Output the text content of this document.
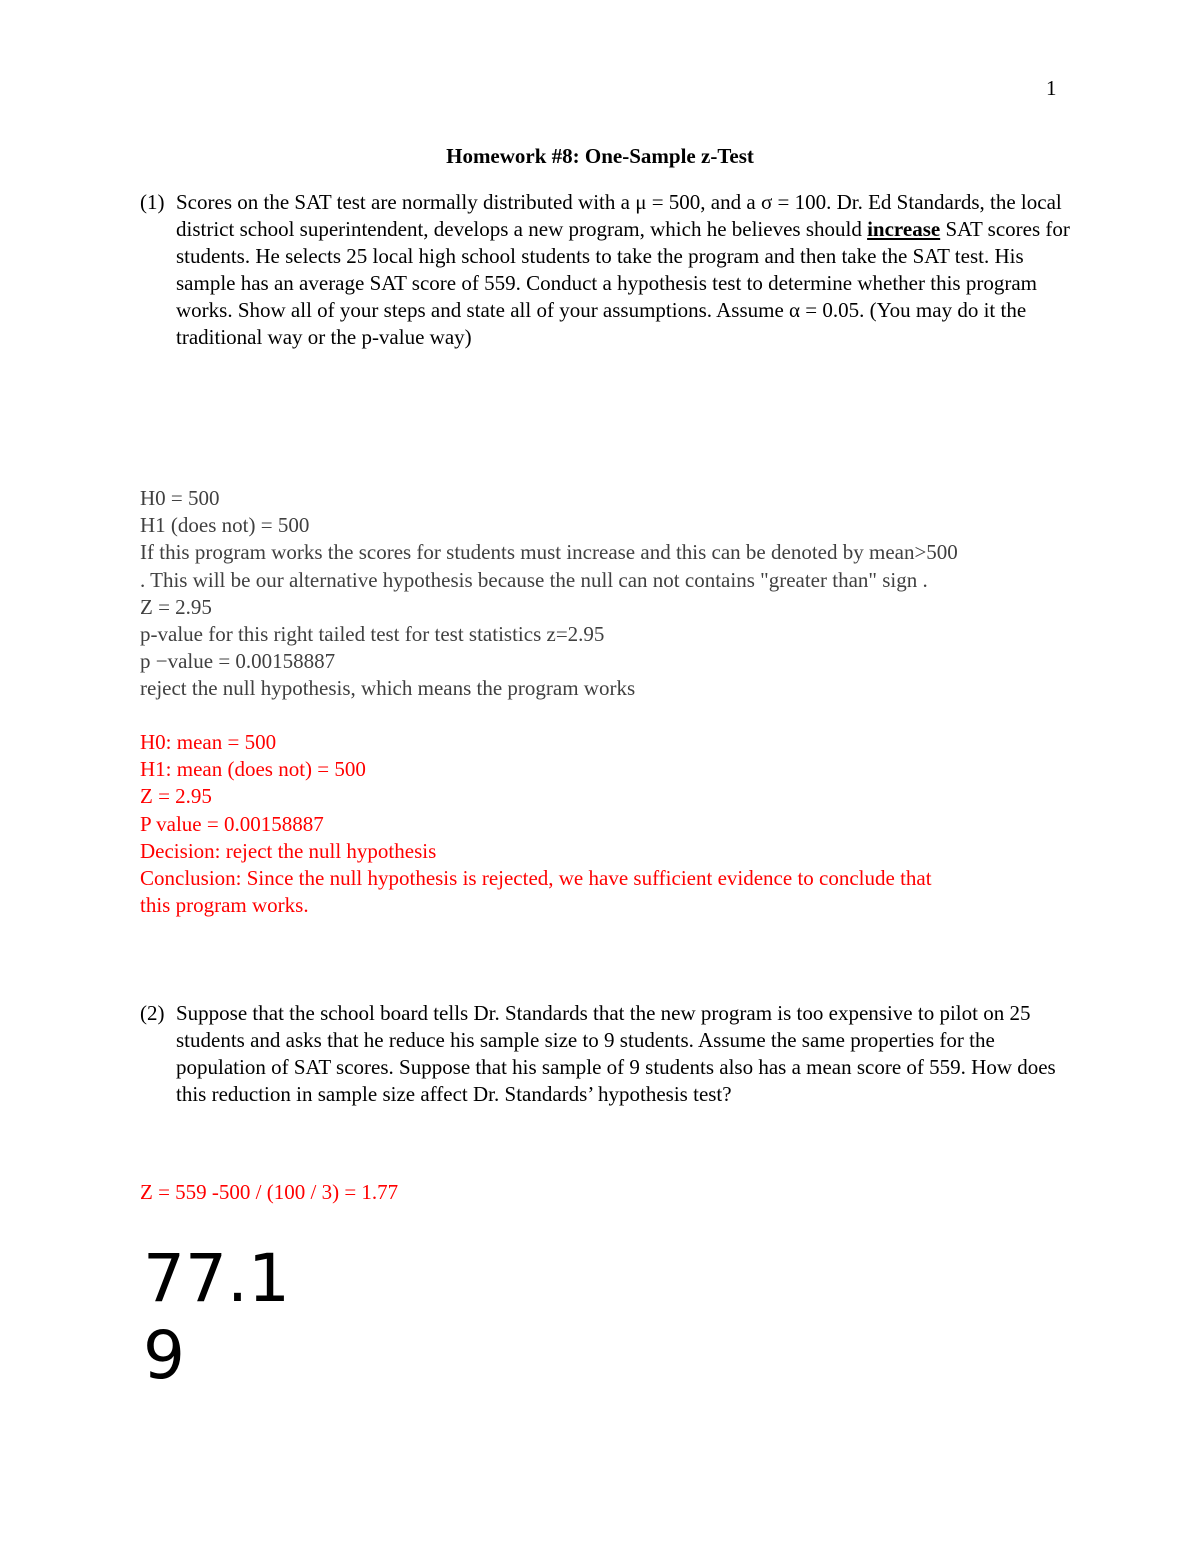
1
Homework #8: One-Sample z-Test
(1) Scores on the SAT test are normally distributed with a μ = 500, and a σ = 100. Dr. Ed Standards, the local district school superintendent, develops a new program, which he believes should increase SAT scores for students. He selects 25 local high school students to take the program and then take the SAT test. His sample has an average SAT score of 559. Conduct a hypothesis test to determine whether this program works. Show all of your steps and state all of your assumptions. Assume α = 0.05. (You may do it the traditional way or the p-value way)
H0 = 500
H1 (does not) = 500
If this program works the scores for students must increase and this can be denoted by mean>500
. This will be our alternative hypothesis because the null can not contains "greater than" sign .
Z = 2.95
p-value for this right tailed test for test statistics z=2.95
p −value = 0.00158887
reject the null hypothesis, which means the program works
H0: mean = 500
H1: mean (does not) = 500
Z = 2.95
P value = 0.00158887
Decision: reject the null hypothesis
Conclusion: Since the null hypothesis is rejected, we have sufficient evidence to conclude that
this program works.
(2) Suppose that the school board tells Dr. Standards that the new program is too expensive to pilot on 25 students and asks that he reduce his sample size to 9 students. Assume the same properties for the population of SAT scores. Suppose that his sample of 9 students also has a mean score of 559. How does this reduction in sample size affect Dr. Standards’ hypothesis test?
Z = 559 -500 / (100 / 3) = 1.77
77.1
9
